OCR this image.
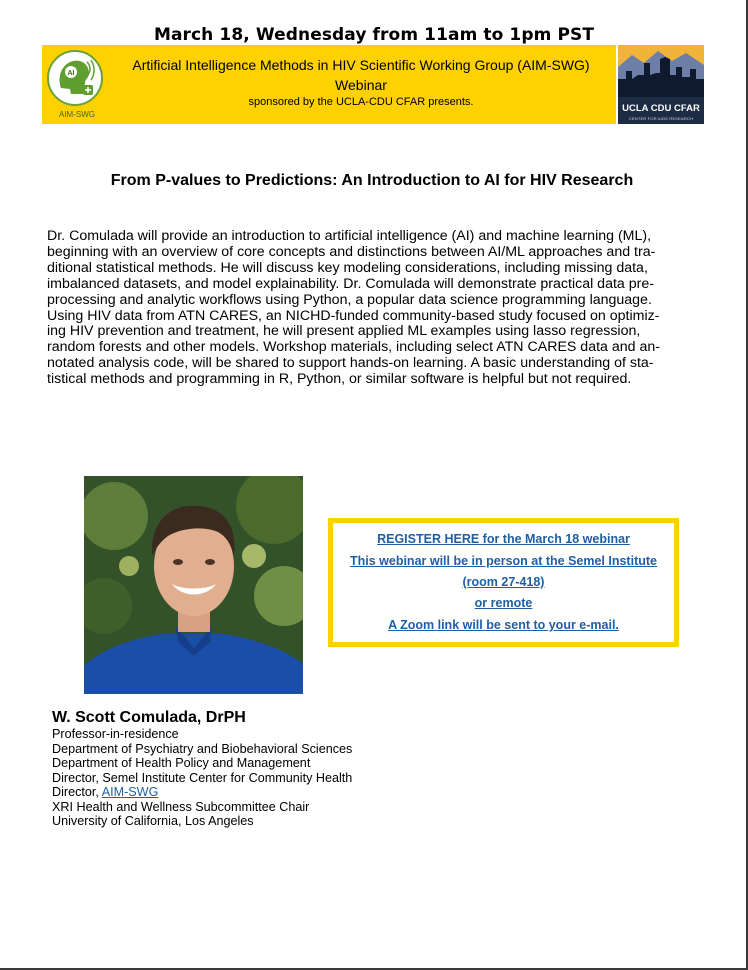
March 18, Wednesday from 11am to 1pm PST
AI
AIM-SWG
Artificial Intelligence Methods in HIV Scientific Working Group (AIM-SWG)
Webinar
sponsored by the UCLA-CDU CFAR presents.
UCLA CDU CFAR
CENTER FOR AIDS RESEARCH
From P-values to Predictions: An Introduction to AI for HIV Research
Dr. Comulada will provide an introduction to artificial intelligence (AI) and machine learning (ML),
beginning with an overview of core concepts and distinctions between AI/ML approaches and tra-
ditional statistical methods. He will discuss key modeling considerations, including missing data,
imbalanced datasets, and model explainability. Dr. Comulada will demonstrate practical data pre-
processing and analytic workflows using Python, a popular data science programming language.
Using HIV data from ATN CARES, an NICHD-funded community-based study focused on optimiz-
ing HIV prevention and treatment, he will present applied ML examples using lasso regression,
random forests and other models. Workshop materials, including select ATN CARES data and an-
notated analysis code, will be shared to support hands-on learning. A basic understanding of sta-
tistical methods and programming in R, Python, or similar software is helpful but not required.
REGISTER HERE for the March 18 webinar
This webinar will be in person at the Semel Institute
(room 27-418)
or remote
A Zoom link will be sent to your e-mail.
W. Scott Comulada, DrPH
Professor-in-residence
Department of Psychiatry and Biobehavioral Sciences
Department of Health Policy and Management
Director, Semel Institute Center for Community Health
Director, AIM-SWG
XRI Health and Wellness Subcommittee Chair
University of California, Los Angeles
